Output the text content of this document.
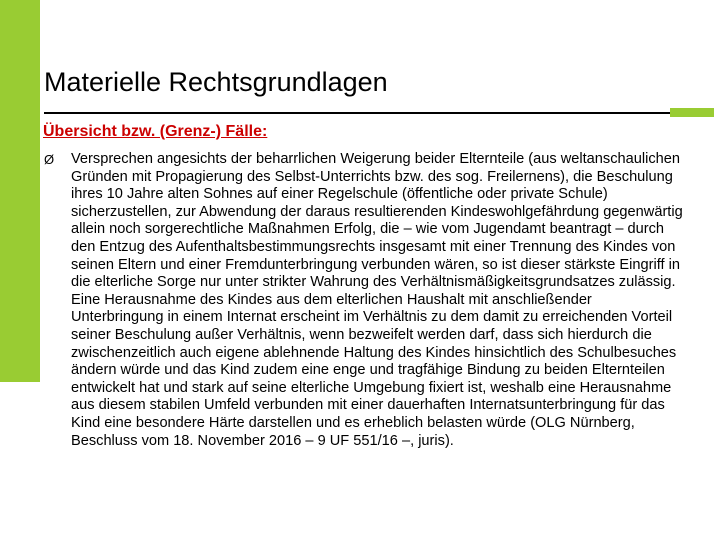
Materielle Rechtsgrundlagen
Übersicht bzw. (Grenz-) Fälle:
Ø Versprechen angesichts der beharrlichen Weigerung beider Elternteile (aus weltanschaulichen Gründen mit Propagierung des Selbst-Unterrichts bzw. des sog. Freilernens), die Beschulung ihres 10 Jahre alten Sohnes auf einer Regelschule (öffentliche oder private Schule) sicherzustellen, zur Abwendung der daraus resultierenden Kindeswohlgefährdung gegenwärtig allein noch sorgerechtliche Maßnahmen Erfolg, die – wie vom Jugendamt beantragt – durch den Entzug des Aufenthaltsbestimmungsrechts insgesamt mit einer Trennung des Kindes von seinen Eltern und einer Fremdunterbringung verbunden wären, so ist dieser stärkste Eingriff in die elterliche Sorge nur unter strikter Wahrung des Verhältnismäßigkeitsgrundsatzes zulässig. Eine Herausnahme des Kindes aus dem elterlichen Haushalt mit anschließender Unterbringung in einem Internat erscheint im Verhältnis zu dem damit zu erreichenden Vorteil seiner Beschulung außer Verhältnis, wenn bezweifelt werden darf, dass sich hierdurch die zwischenzeitlich auch eigene ablehnende Haltung des Kindes hinsichtlich des Schulbesuches ändern würde und das Kind zudem eine enge und tragfähige Bindung zu beiden Elternteilen entwickelt hat und stark auf seine elterliche Umgebung fixiert ist, weshalb eine Herausnahme aus diesem stabilen Umfeld verbunden mit einer dauerhaften Internatsunterbringung für das Kind eine besondere Härte darstellen und es erheblich belasten würde (OLG Nürnberg, Beschluss vom 18. November 2016 – 9 UF 551/16 –, juris).
